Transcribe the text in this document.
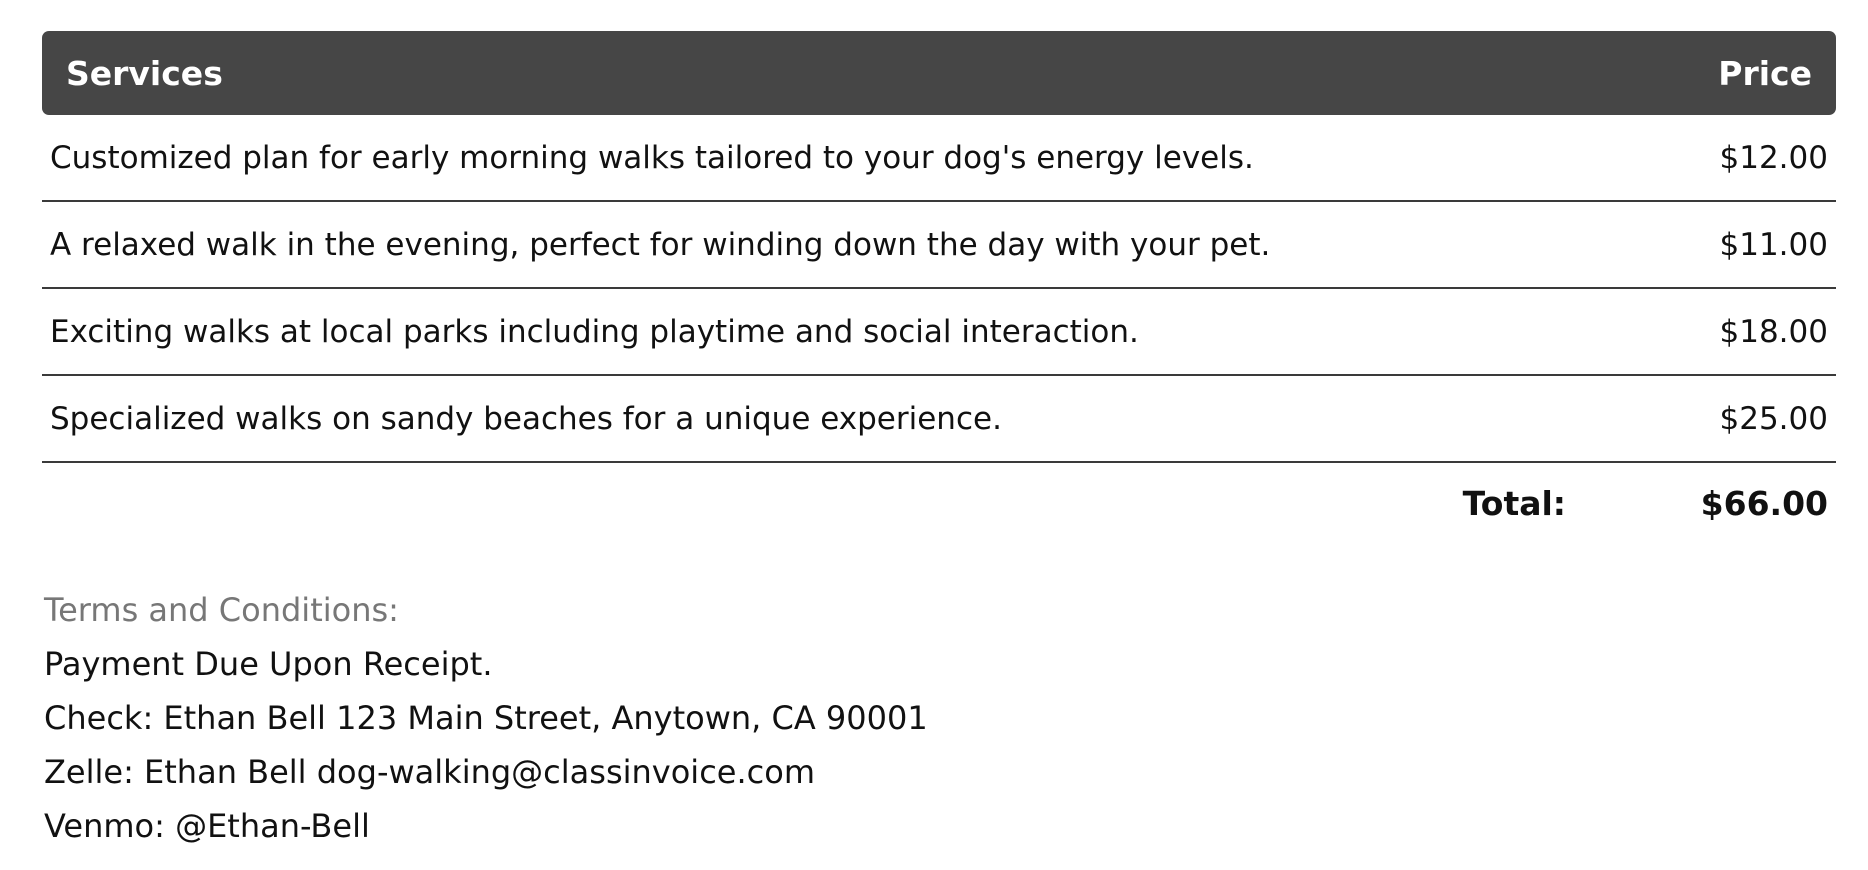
Services	Price
Customized plan for early morning walks tailored to your dog's energy levels.	$12.00
A relaxed walk in the evening, perfect for winding down the day with your pet.	$11.00
Exciting walks at local parks including playtime and social interaction.	$18.00
Specialized walks on sandy beaches for a unique experience.	$25.00
Total:	$66.00
Terms and Conditions:
Payment Due Upon Receipt.
Check: Ethan Bell 123 Main Street, Anytown, CA 90001
Zelle: Ethan Bell dog-walking@classinvoice.com
Venmo: @Ethan-Bell
